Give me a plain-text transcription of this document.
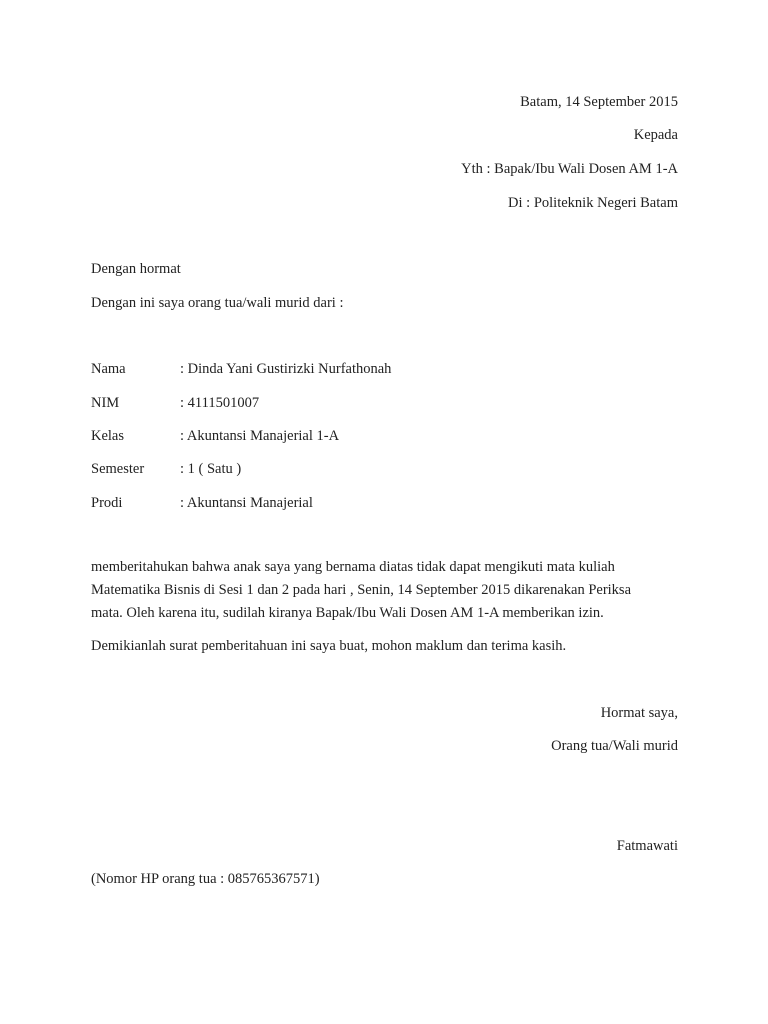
Batam, 14 September 2015
Kepada
Yth : Bapak/Ibu Wali Dosen AM 1-A
Di : Politeknik Negeri Batam
Dengan hormat
Dengan ini saya orang tua/wali murid dari :
Nama	: Dinda Yani Gustirizki Nurfathonah
NIM	: 4111501007
Kelas	: Akuntansi Manajerial 1-A
Semester : 1 ( Satu )
Prodi	: Akuntansi Manajerial
memberitahukan bahwa anak saya yang bernama diatas tidak dapat mengikuti mata kuliah
Matematika Bisnis di Sesi 1 dan 2 pada hari , Senin, 14 September 2015 dikarenakan Periksa
mata. Oleh karena itu, sudilah kiranya Bapak/Ibu Wali Dosen AM 1-A memberikan izin.
Demikianlah surat pemberitahuan ini saya buat, mohon maklum dan terima kasih.
Hormat saya,
Orang tua/Wali murid
Fatmawati
(Nomor HP orang tua : 085765367571)
